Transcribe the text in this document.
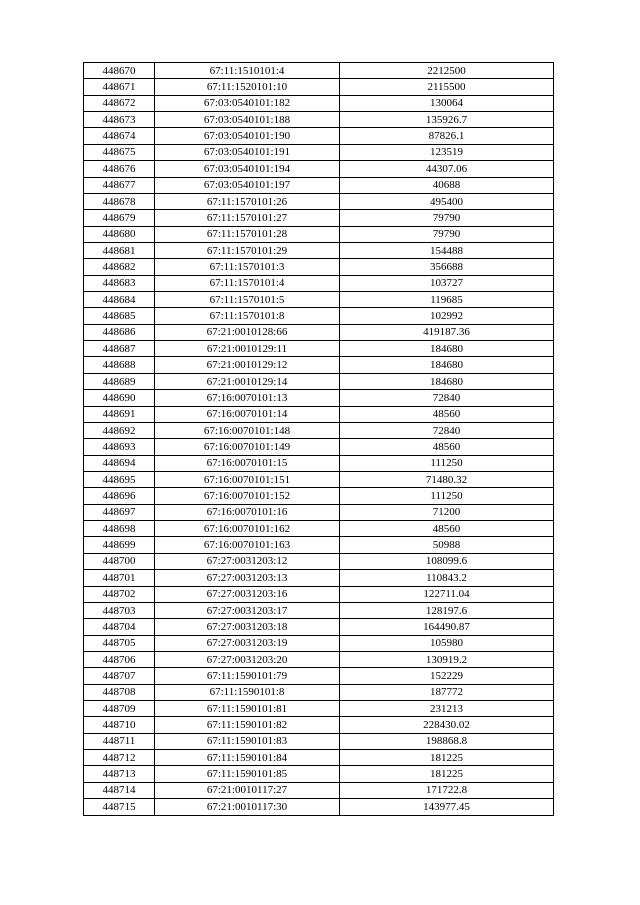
448670	67:11:1510101:4	2212500
448671	67:11:1520101:10	2115500
448672	67:03:0540101:182	130064
448673	67:03:0540101:188	135926.7
448674	67:03:0540101:190	87826.1
448675	67:03:0540101:191	123519
448676	67:03:0540101:194	44307.06
448677	67:03:0540101:197	40688
448678	67:11:1570101:26	495400
448679	67:11:1570101:27	79790
448680	67:11:1570101:28	79790
448681	67:11:1570101:29	154488
448682	67:11:1570101:3	356688
448683	67:11:1570101:4	103727
448684	67:11:1570101:5	119685
448685	67:11:1570101:8	102992
448686	67:21:0010128:66	419187.36
448687	67:21:0010129:11	184680
448688	67:21:0010129:12	184680
448689	67:21:0010129:14	184680
448690	67:16:0070101:13	72840
448691	67:16:0070101:14	48560
448692	67:16:0070101:148	72840
448693	67:16:0070101:149	48560
448694	67:16:0070101:15	111250
448695	67:16:0070101:151	71480.32
448696	67:16:0070101:152	111250
448697	67:16:0070101:16	71200
448698	67:16:0070101:162	48560
448699	67:16:0070101:163	50988
448700	67:27:0031203:12	108099.6
448701	67:27:0031203:13	110843.2
448702	67:27:0031203:16	122711.04
448703	67:27:0031203:17	128197.6
448704	67:27:0031203:18	164490.87
448705	67:27:0031203:19	105980
448706	67:27:0031203:20	130919.2
448707	67:11:1590101:79	152229
448708	67:11:1590101:8	187772
448709	67:11:1590101:81	231213
448710	67:11:1590101:82	228430.02
448711	67:11:1590101:83	198868.8
448712	67:11:1590101:84	181225
448713	67:11:1590101:85	181225
448714	67:21:0010117:27	171722.8
448715	67:21:0010117:30	143977.45
